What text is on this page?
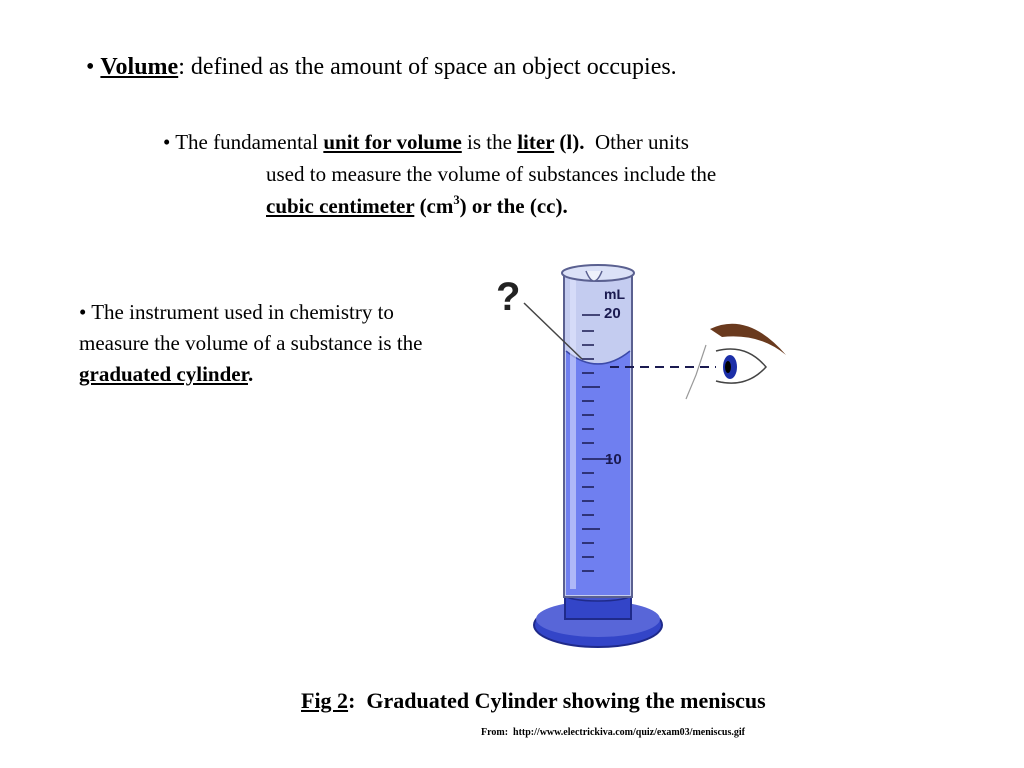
• Volume: defined as the amount of space an object occupies.
• The fundamental unit for volume is the liter (l).  Other units
used to measure the volume of substances include the
cubic centimeter $(cm^3)$ or the (cc).
• The instrument used in chemistry to measure the volume of a substance is the graduated cylinder.
mL
20
10
?
Fig 2:  Graduated Cylinder showing the meniscus
From:  http://www.electrickiva.com/quiz/exam03/meniscus.gif
